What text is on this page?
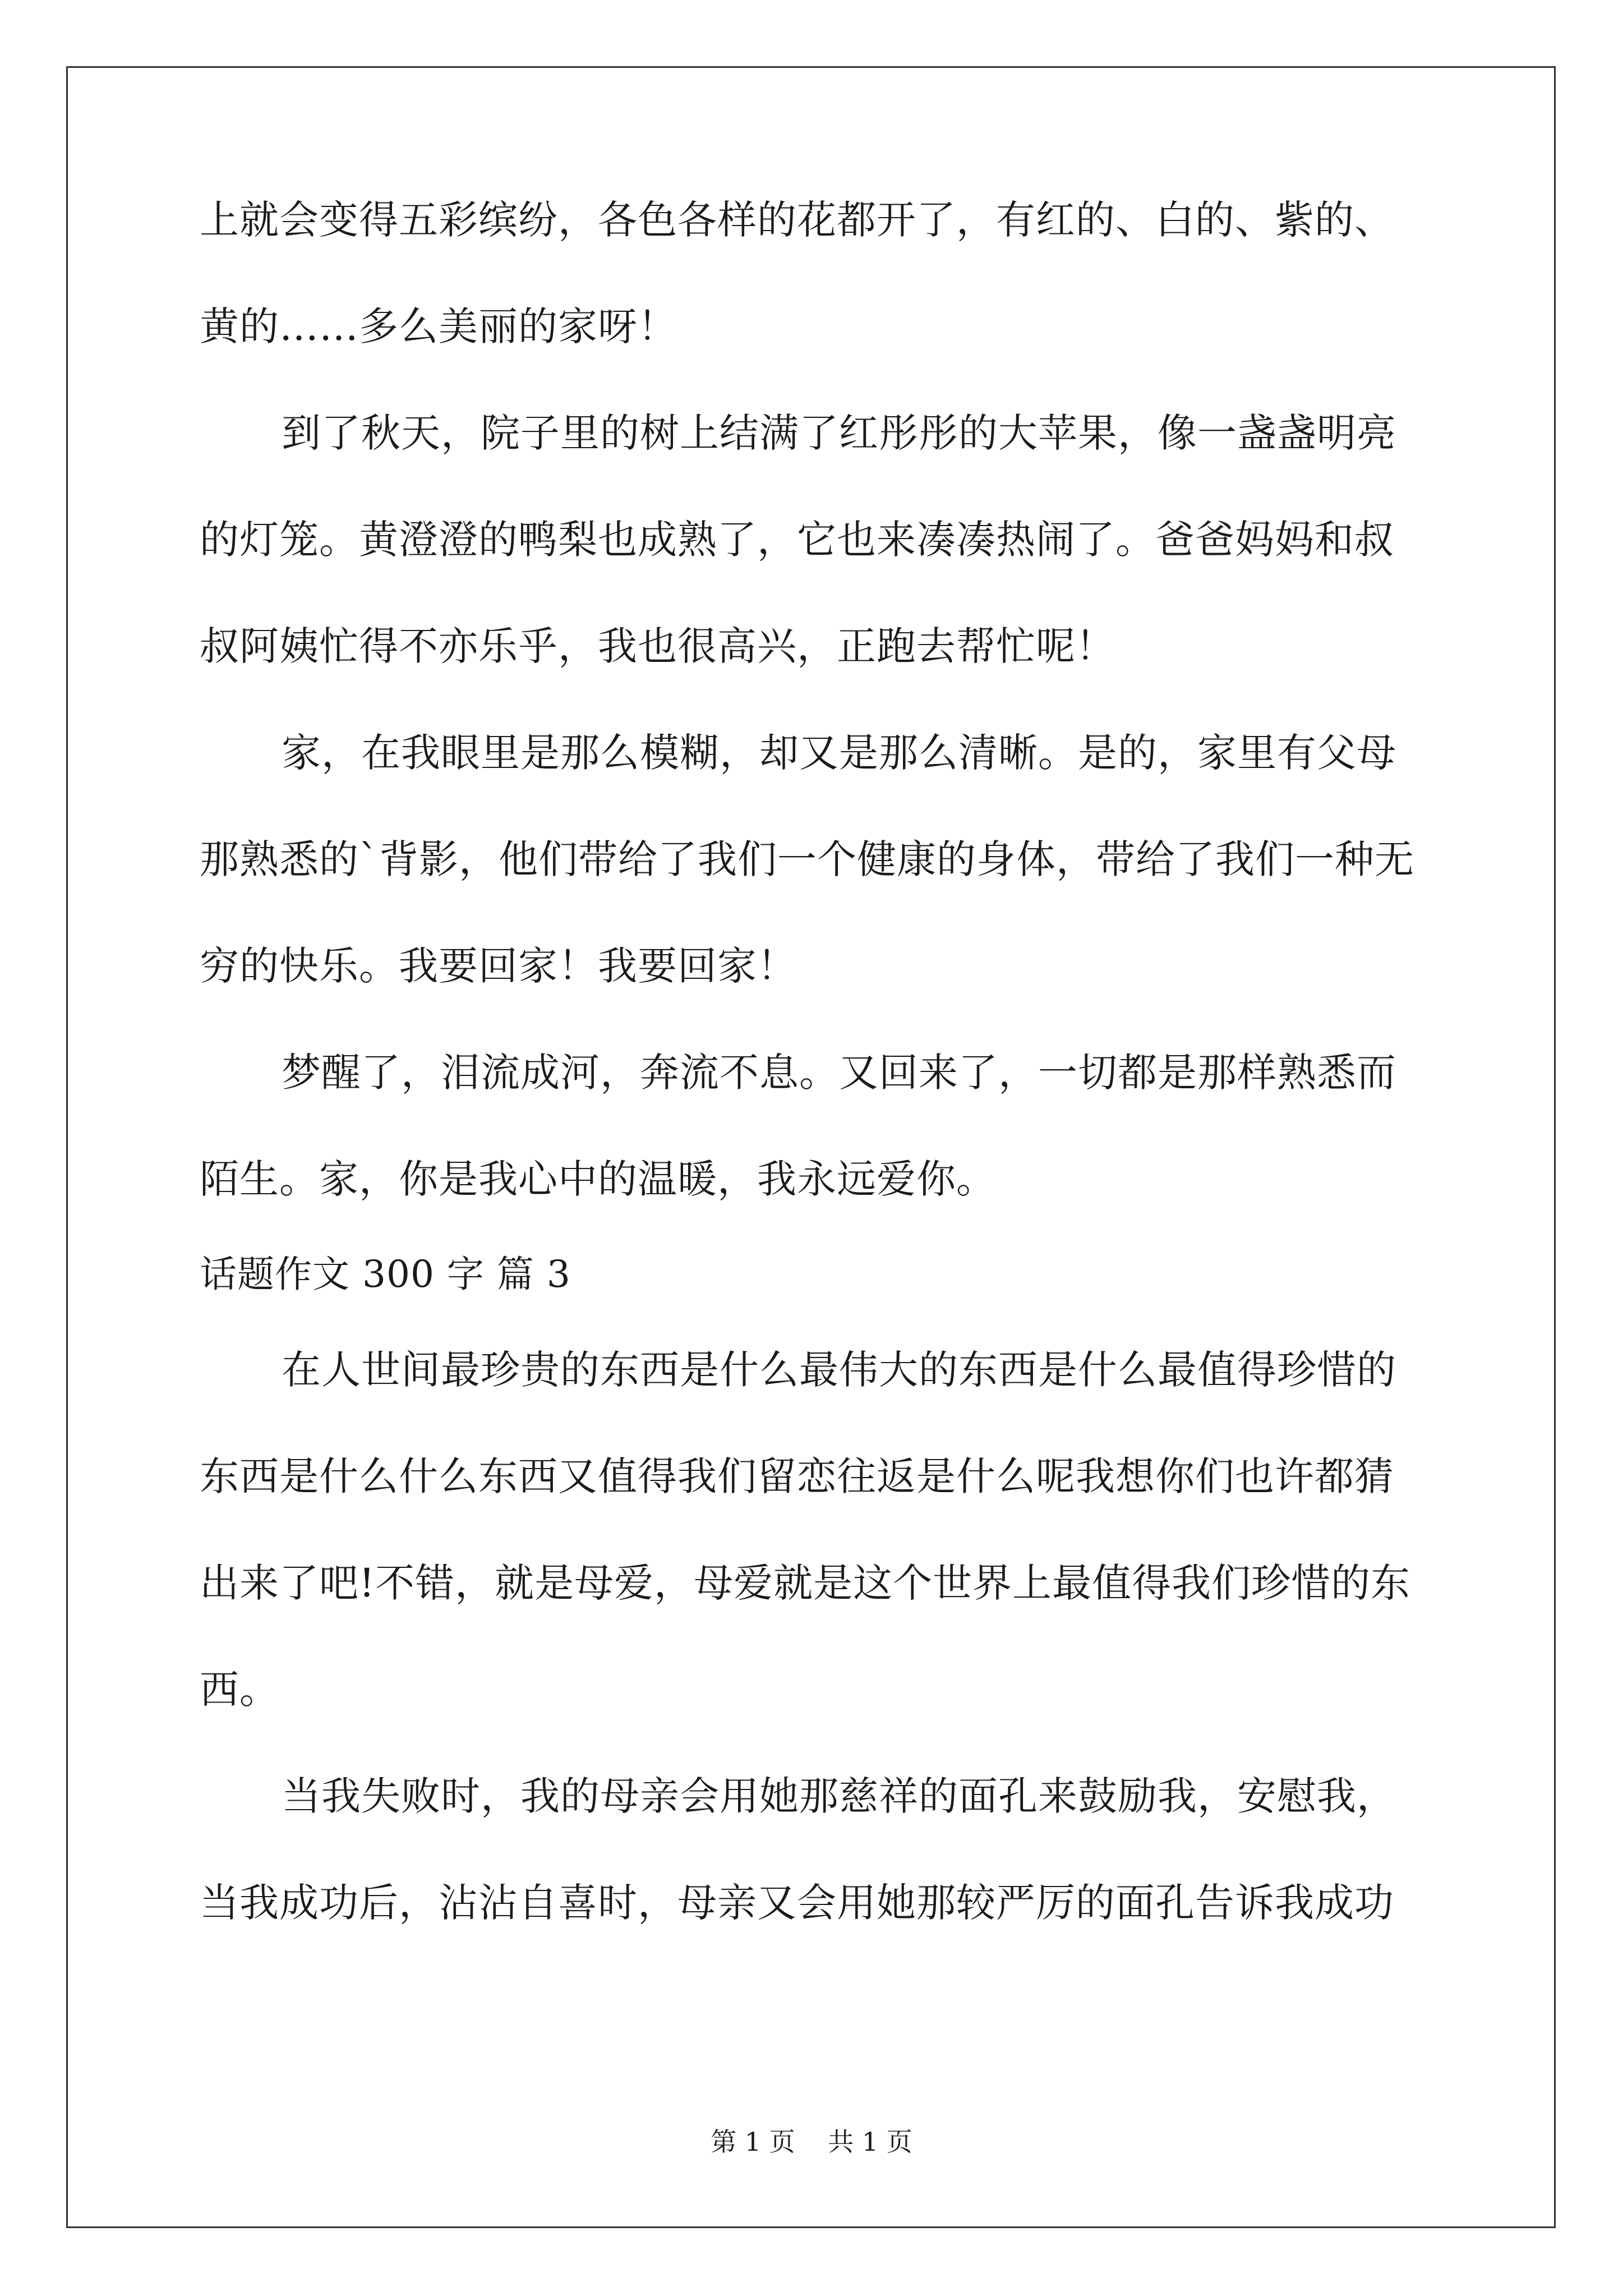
上就会变得五彩缤纷，各色各样的花都开了，有红的、白的、紫的、
黄的……多么美丽的家呀！
到了秋天，院子里的树上结满了红彤彤的大苹果，像一盏盏明亮
的灯笼。黄澄澄的鸭梨也成熟了，它也来凑凑热闹了。爸爸妈妈和叔
叔阿姨忙得不亦乐乎，我也很高兴，正跑去帮忙呢！
家，在我眼里是那么模糊，却又是那么清晰。是的，家里有父母
那熟悉的`背影，他们带给了我们一个健康的身体，带给了我们一种无
穷的快乐。我要回家！我要回家！
梦醒了，泪流成河，奔流不息。又回来了，一切都是那样熟悉而
陌生。家，你是我心中的温暖，我永远爱你。
话题作文 300 字 篇 3
在人世间最珍贵的东西是什么最伟大的东西是什么最值得珍惜的
东西是什么什么东西又值得我们留恋往返是什么呢我想你们也许都猜
出来了吧!不错，就是母爱，母爱就是这个世界上最值得我们珍惜的东
西。
当我失败时，我的母亲会用她那慈祥的面孔来鼓励我，安慰我，
当我成功后，沾沾自喜时，母亲又会用她那较严厉的面孔告诉我成功
第 1 页 共 1 页
